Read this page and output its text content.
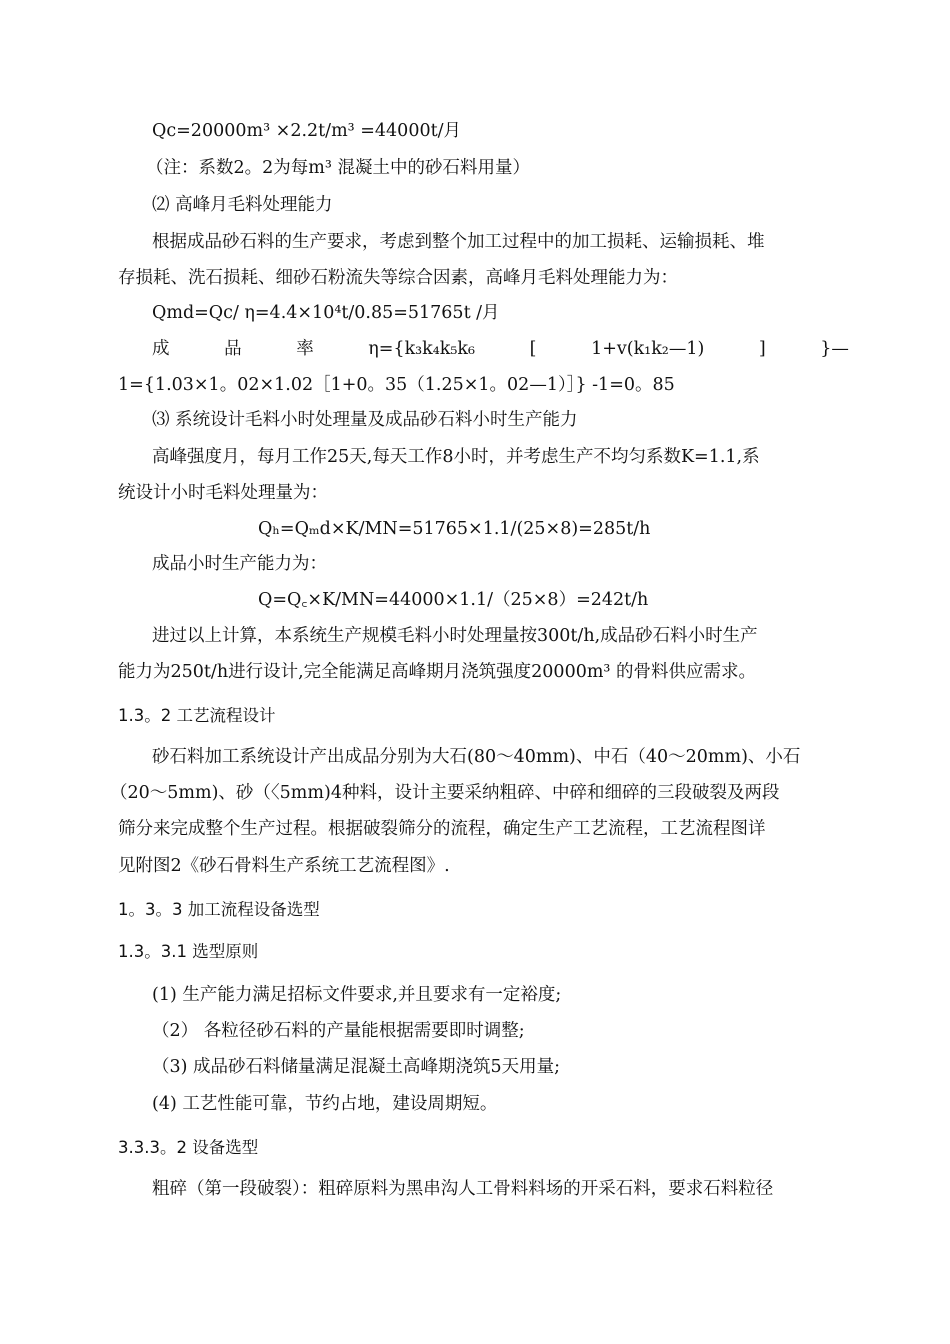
Qc=20000m³ ×2.2t/m³ =44000t/月
（注：系数2。2为每m³ 混凝土中的砂石料用量）
⑵ 高峰月毛料处理能力
根据成品砂石料的生产要求，考虑到整个加工过程中的加工损耗、运输损耗、堆
存损耗、洗石损耗、细砂石粉流失等综合因素，高峰月毛料处理能力为：
Qmd=Qc/ η=4.4×10⁴t/0.85=51765t /月
成	品	率	η={k₃k₄k₅k₆	[	1+v(k₁k₂—1)	]	}—
1={1.03×1。02×1.02［1+0。35（1.25×1。02—1）］} -1=0。85
⑶ 系统设计毛料小时处理量及成品砂石料小时生产能力
高峰强度月，每月工作25天,每天工作8小时，并考虑生产不均匀系数K=1.1,系
统设计小时毛料处理量为：
Qₕ=Qₘd×K/MN=51765×1.1/(25×8)=285t/h
成品小时生产能力为：
Q=Q꜀×K/MN=44000×1.1/（25×8）=242t/h
进过以上计算，本系统生产规模毛料小时处理量按300t/h,成品砂石料小时生产
能力为250t/h进行设计,完全能满足高峰期月浇筑强度20000m³ 的骨料供应需求。
1.3。2 工艺流程设计
砂石料加工系统设计产出成品分别为大石(80～40mm)、中石（40～20mm)、小石
（20～5mm)、砂（〈5mm)4种料，设计主要采纳粗碎、中碎和细碎的三段破裂及两段
筛分来完成整个生产过程。根据破裂筛分的流程，确定生产工艺流程，工艺流程图详
见附图2《砂石骨料生产系统工艺流程图》.
1。3。3 加工流程设备选型
1.3。3.1 选型原则
(1) 生产能力满足招标文件要求,并且要求有一定裕度;
（2） 各粒径砂石料的产量能根据需要即时调整;
（3) 成品砂石料储量满足混凝土高峰期浇筑5天用量;
(4) 工艺性能可靠，节约占地，建设周期短。
3.3.3。2 设备选型
粗碎（第一段破裂）：粗碎原料为黑串沟人工骨料料场的开采石料，要求石料粒径
